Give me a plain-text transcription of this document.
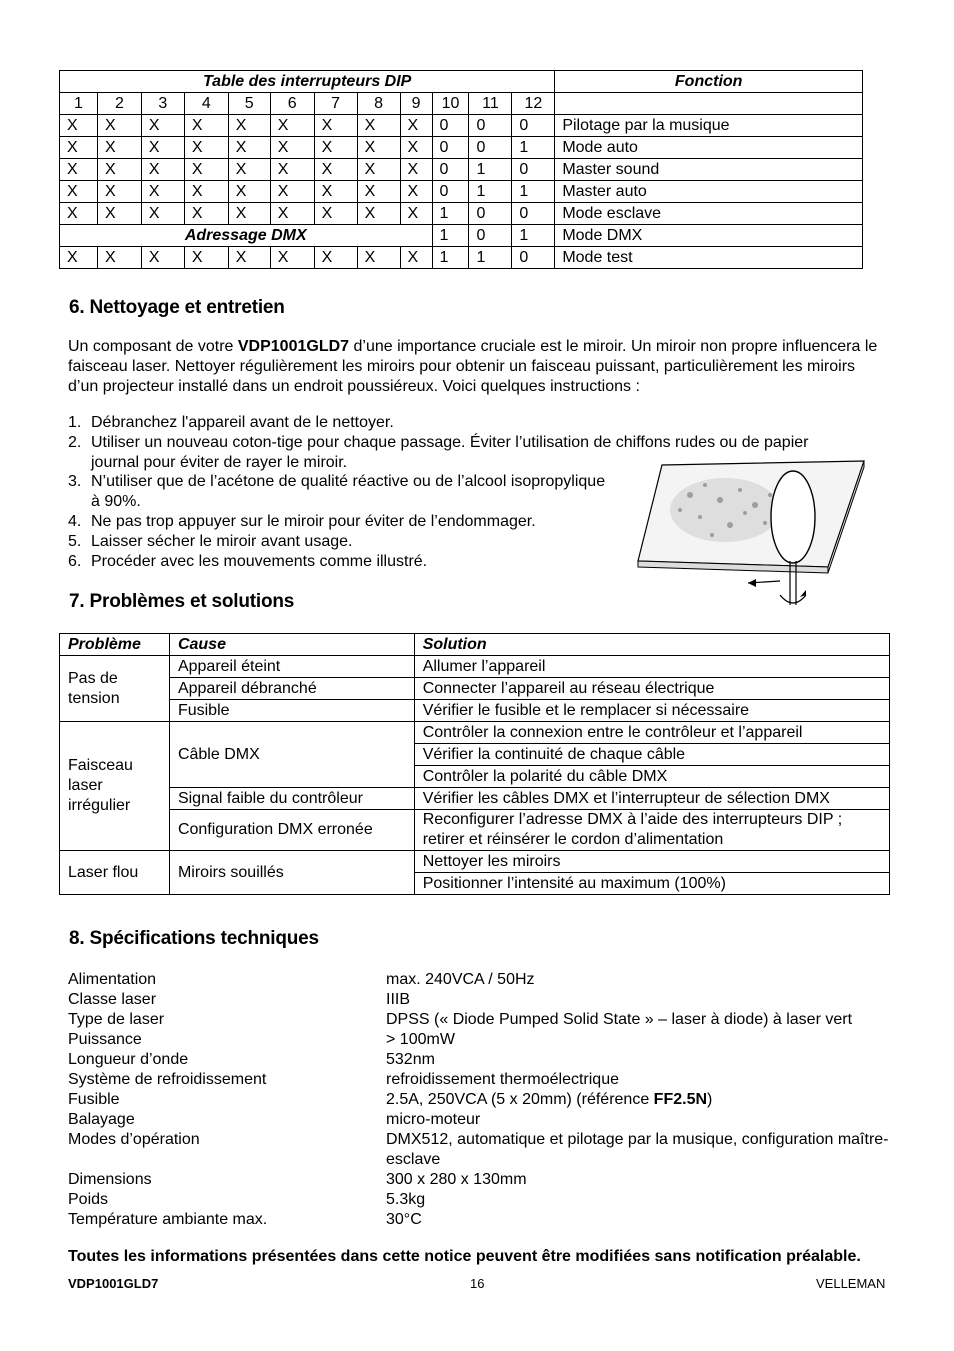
Table des interrupteurs DIP												Fonction
1	2	3	4	5	6	7	8	9	10	11	12	
X	X	X	X	X	X	X	X	X	0	0	0	Pilotage par la musique
X	X	X	X	X	X	X	X	X	0	0	1	Mode auto
X	X	X	X	X	X	X	X	X	0	1	0	Master sound
X	X	X	X	X	X	X	X	X	0	1	1	Master auto
X	X	X	X	X	X	X	X	X	1	0	0	Mode esclave
Adressage DMX									1	0	1	Mode DMX
X	X	X	X	X	X	X	X	X	1	1	0	Mode test
6. Nettoyage et entretien
Un composant de votre VDP1001GLD7 d’une importance cruciale est le miroir. Un miroir non propre influencera le faisceau laser. Nettoyer régulièrement les miroirs pour obtenir un faisceau puissant, particulièrement les miroirs d’un projecteur installé dans un endroit poussiéreux. Voici quelques instructions :
1. Débranchez l'appareil avant de le nettoyer.
2. Utiliser un nouveau coton-tige pour chaque passage. Éviter l’utilisation de chiffons rudes ou de papier journal pour éviter de rayer le miroir.
3. N’utiliser que de l’acétone de qualité réactive ou de l’alcool isopropylique à 90%.
4. Ne pas trop appuyer sur le miroir pour éviter de l’endommager.
5. Laisser sécher le miroir avant usage.
6. Procéder avec les mouvements comme illustré.
7. Problèmes et solutions
Problème	Cause	Solution
Pas de tension	Appareil éteint	Allumer l’appareil
	Appareil débranché	Connecter l’appareil au réseau électrique
	Fusible	Vérifier le fusible et le remplacer si nécessaire
Faisceau laser irrégulier	Câble DMX	Contrôler la connexion entre le contrôleur et l’appareil
		Vérifier la continuité de chaque câble
		Contrôler la polarité du câble DMX
	Signal faible du contrôleur	Vérifier les câbles DMX et l’interrupteur de sélection DMX
	Configuration DMX erronée	Reconfigurer l’adresse DMX à l’aide des interrupteurs DIP ; retirer et réinsérer le cordon d’alimentation
Laser flou	Miroirs souillés	Nettoyer les miroirs
		Positionner l’intensité au maximum (100%)
8. Spécifications techniques
Alimentation	max. 240VCA / 50Hz
Classe laser	IIIB
Type de laser	DPSS (« Diode Pumped Solid State » – laser à diode) à laser vert
Puissance	> 100mW
Longueur d’onde	532nm
Système de refroidissement	refroidissement thermoélectrique
Fusible	2.5A, 250VCA (5 x 20mm) (référence FF2.5N)
Balayage	micro-moteur
Modes d’opération	DMX512, automatique et pilotage par la musique, configuration maître-esclave
Dimensions	300 x 280 x 130mm
Poids	5.3kg
Température ambiante max.	30°C
Toutes les informations présentées dans cette notice peuvent être modifiées sans notification préalable.
VDP1001GLD7	16	VELLEMAN
